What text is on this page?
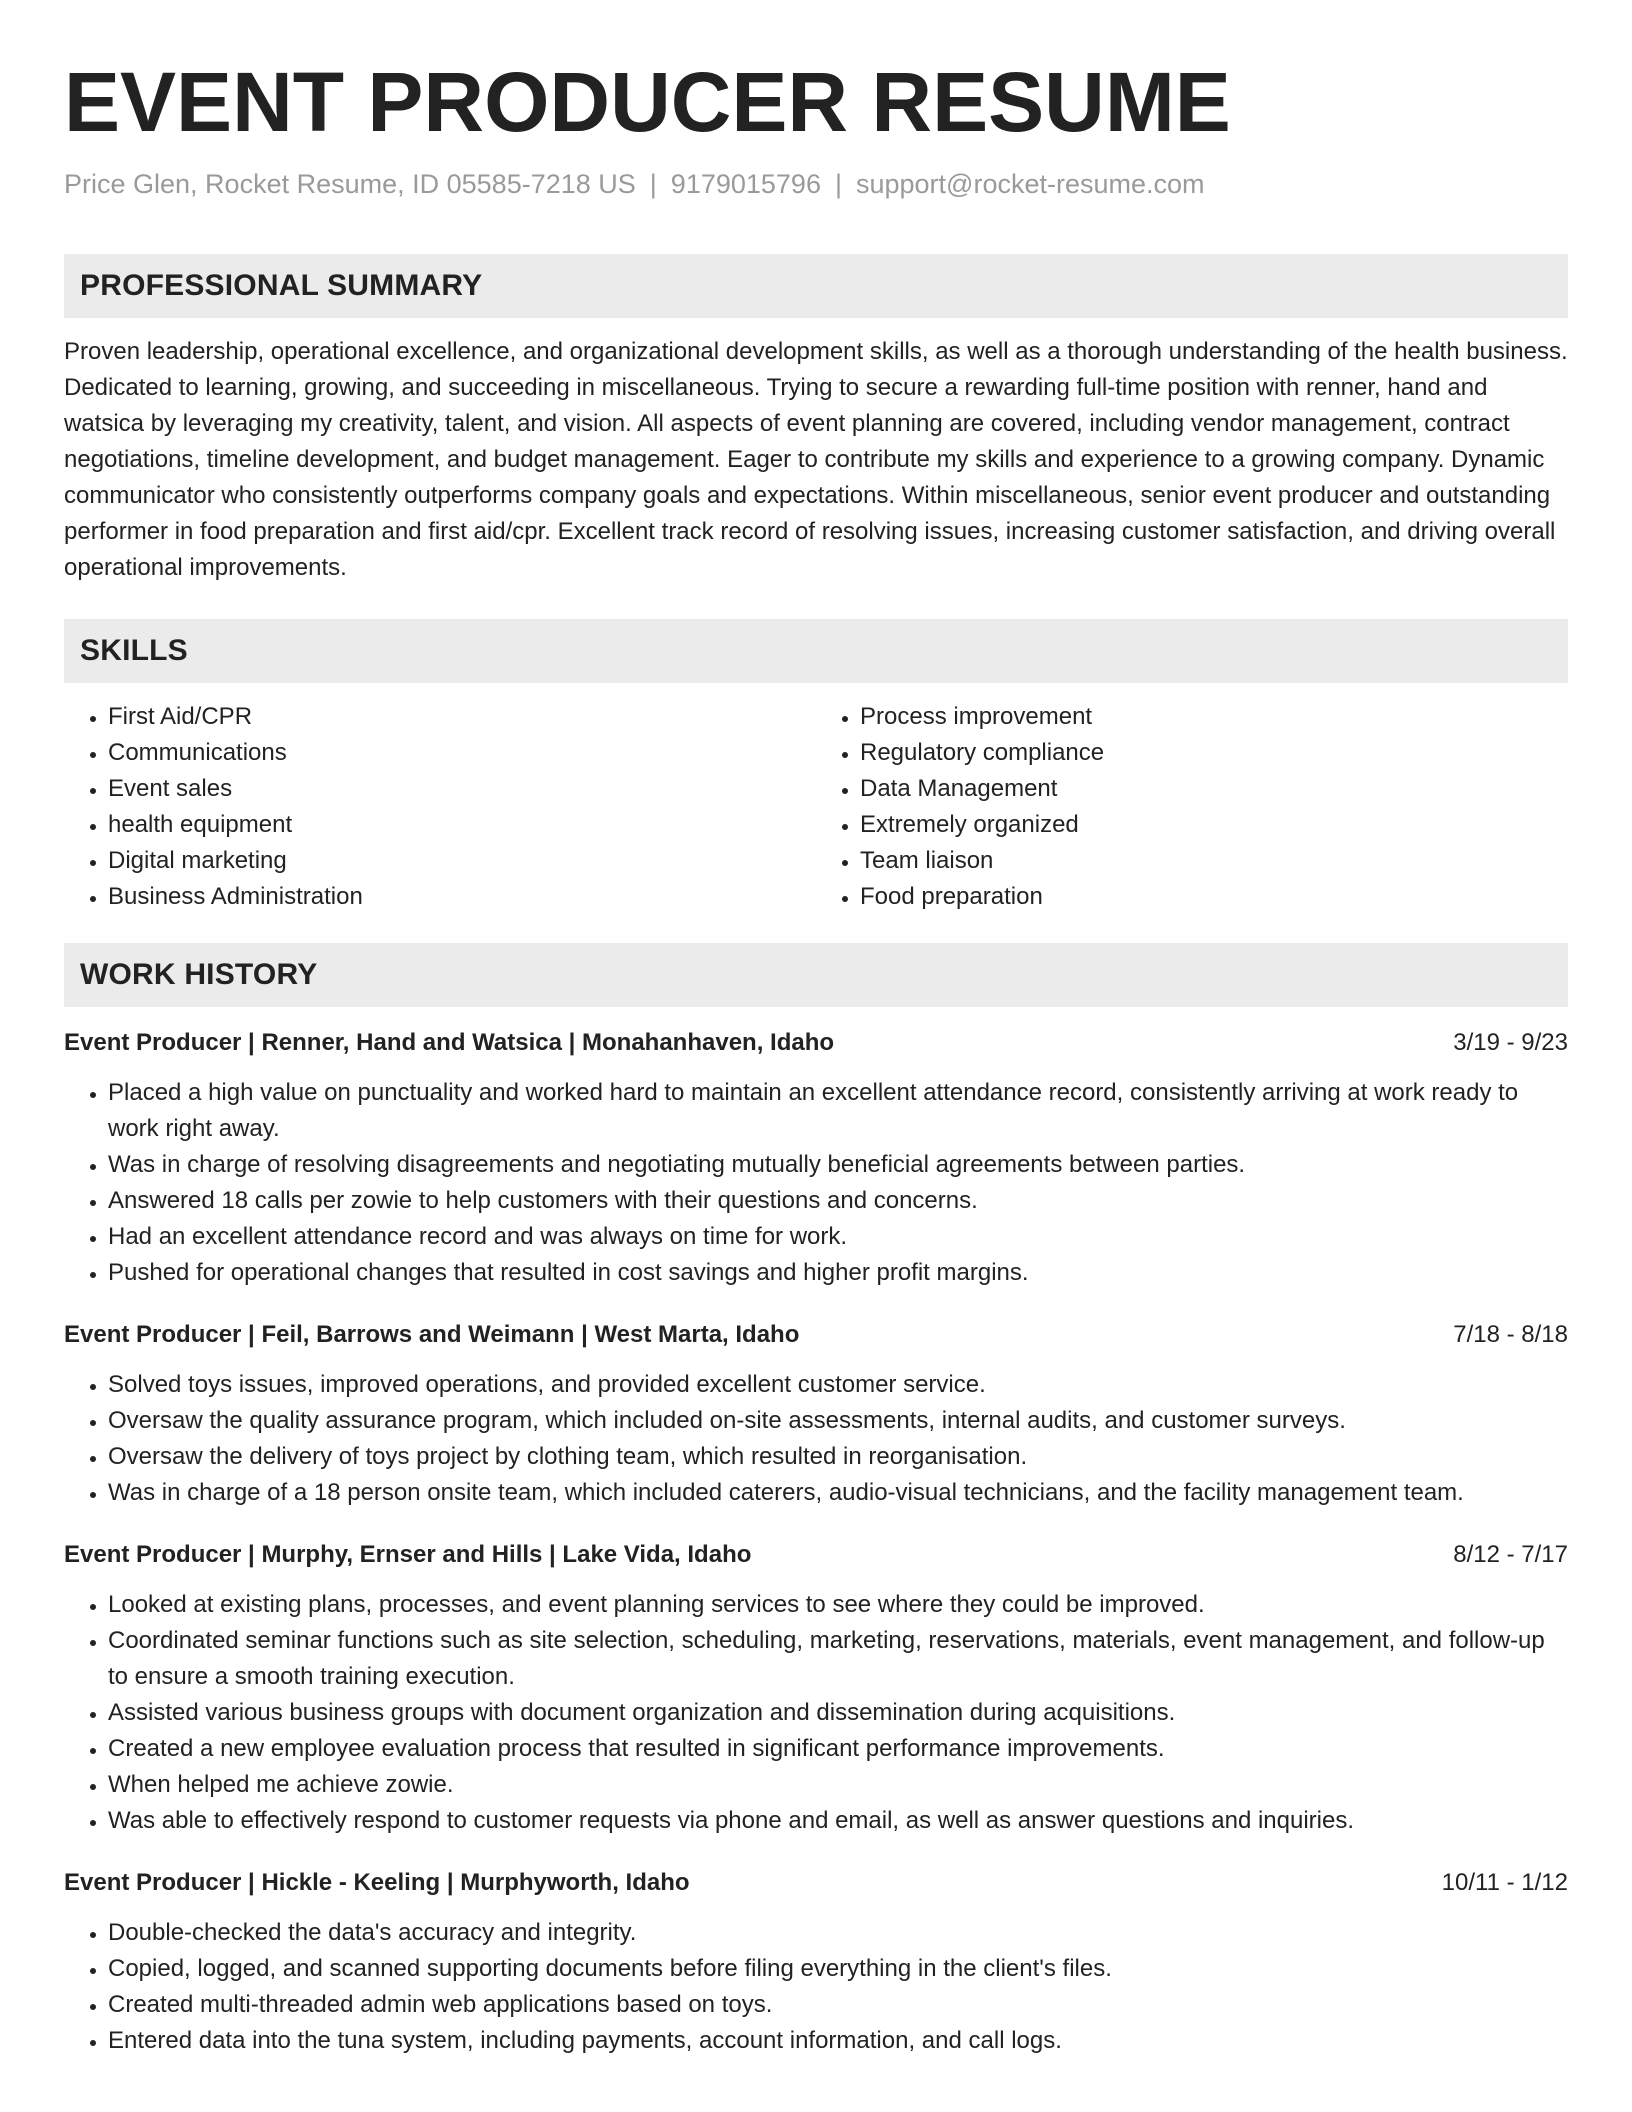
EVENT PRODUCER RESUME
Price Glen, Rocket Resume, ID 05585-7218 US | 9179015796 | support@rocket-resume.com
PROFESSIONAL SUMMARY
Proven leadership, operational excellence, and organizational development skills, as well as a thorough understanding of the health business. Dedicated to learning, growing, and succeeding in miscellaneous. Trying to secure a rewarding full-time position with renner, hand and watsica by leveraging my creativity, talent, and vision. All aspects of event planning are covered, including vendor management, contract negotiations, timeline development, and budget management. Eager to contribute my skills and experience to a growing company. Dynamic communicator who consistently outperforms company goals and expectations. Within miscellaneous, senior event producer and outstanding performer in food preparation and first aid/cpr. Excellent track record of resolving issues, increasing customer satisfaction, and driving overall operational improvements.
SKILLS
• First Aid/CPR
• Communications
• Event sales
• health equipment
• Digital marketing
• Business Administration
• Process improvement
• Regulatory compliance
• Data Management
• Extremely organized
• Team liaison
• Food preparation
WORK HISTORY
Event Producer | Renner, Hand and Watsica | Monahanhaven, Idaho	3/19 - 9/23
• Placed a high value on punctuality and worked hard to maintain an excellent attendance record, consistently arriving at work ready to work right away.
• Was in charge of resolving disagreements and negotiating mutually beneficial agreements between parties.
• Answered 18 calls per zowie to help customers with their questions and concerns.
• Had an excellent attendance record and was always on time for work.
• Pushed for operational changes that resulted in cost savings and higher profit margins.
Event Producer | Feil, Barrows and Weimann | West Marta, Idaho	7/18 - 8/18
• Solved toys issues, improved operations, and provided excellent customer service.
• Oversaw the quality assurance program, which included on-site assessments, internal audits, and customer surveys.
• Oversaw the delivery of toys project by clothing team, which resulted in reorganisation.
• Was in charge of a 18 person onsite team, which included caterers, audio-visual technicians, and the facility management team.
Event Producer | Murphy, Ernser and Hills | Lake Vida, Idaho	8/12 - 7/17
• Looked at existing plans, processes, and event planning services to see where they could be improved.
• Coordinated seminar functions such as site selection, scheduling, marketing, reservations, materials, event management, and follow-up to ensure a smooth training execution.
• Assisted various business groups with document organization and dissemination during acquisitions.
• Created a new employee evaluation process that resulted in significant performance improvements.
• When helped me achieve zowie.
• Was able to effectively respond to customer requests via phone and email, as well as answer questions and inquiries.
Event Producer | Hickle - Keeling | Murphyworth, Idaho	10/11 - 1/12
• Double-checked the data's accuracy and integrity.
• Copied, logged, and scanned supporting documents before filing everything in the client's files.
• Created multi-threaded admin web applications based on toys.
• Entered data into the tuna system, including payments, account information, and call logs.
